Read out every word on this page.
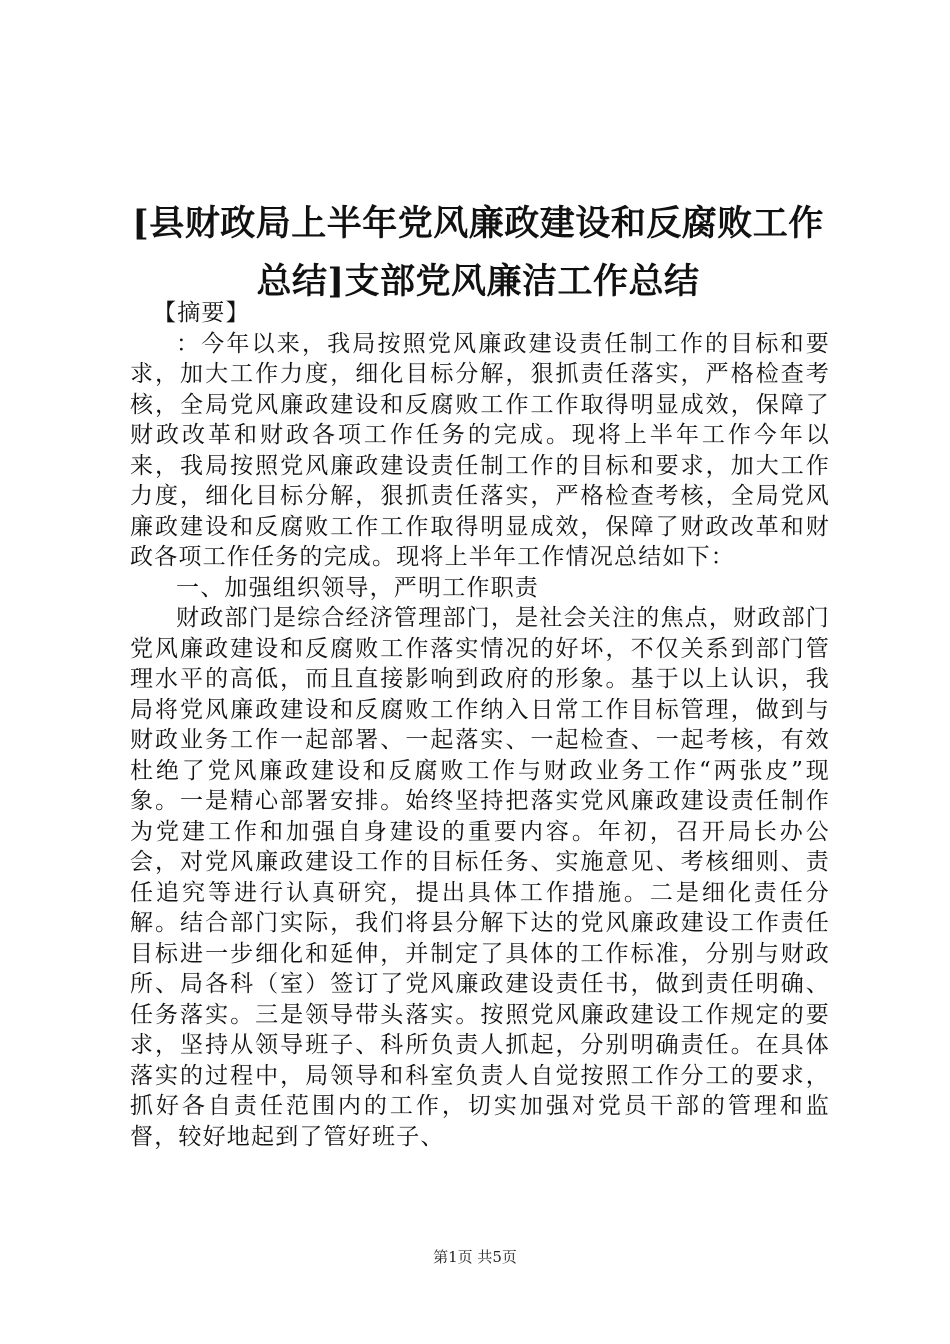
[县财政局上半年党风廉政建设和反腐败工作
总结]支部党风廉洁工作总结

【摘要】

：今年以来，我局按照党风廉政建设责任制工作的目标和要求，加大工作力度，细化目标分解，狠抓责任落实，严格检查考核，全局党风廉政建设和反腐败工作工作取得明显成效，保障了财政改革和财政各项工作任务的完成。现将上半年工作今年以来，我局按照党风廉政建设责任制工作的目标和要求，加大工作力度，细化目标分解，狠抓责任落实，严格检查考核，全局党风廉政建设和反腐败工作工作取得明显成效，保障了财政改革和财政各项工作任务的完成。现将上半年工作情况总结如下：

一、加强组织领导，严明工作职责

财政部门是综合经济管理部门，是社会关注的焦点，财政部门党风廉政建设和反腐败工作落实情况的好坏，不仅关系到部门管理水平的高低，而且直接影响到政府的形象。基于以上认识，我局将党风廉政建设和反腐败工作纳入日常工作目标管理，做到与财政业务工作一起部署、一起落实、一起检查、一起考核，有效杜绝了党风廉政建设和反腐败工作与财政业务工作“两张皮”现象。一是精心部署安排。始终坚持把落实党风廉政建设责任制作为党建工作和加强自身建设的重要内容。年初，召开局长办公会，对党风廉政建设工作的目标任务、实施意见、考核细则、责任追究等进行认真研究，提出具体工作措施。二是细化责任分解。结合部门实际，我们将县分解下达的党风廉政建设工作责任目标进一步细化和延伸，并制定了具体的工作标准，分别与财政所、局各科（室）签订了党风廉政建设责任书，做到责任明确、任务落实。三是领导带头落实。按照党风廉政建设工作规定的要求，坚持从领导班子、科所负责人抓起，分别明确责任。在具体落实的过程中，局领导和科室负责人自觉按照工作分工的要求，抓好各自责任范围内的工作，切实加强对党员干部的管理和监督，较好地起到了管好班子、

第1页 共5页
